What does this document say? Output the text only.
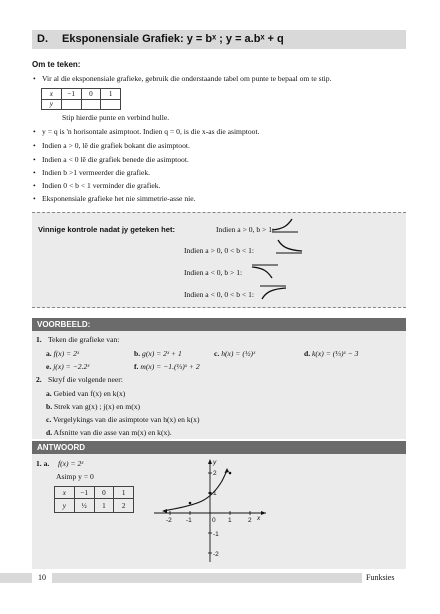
D. Eksponensiale Grafiek: y = bˣ ; y = a.bˣ + q
Om te teken:
• Vir al die eksponensiale grafieke, gebruik die onderstaande tabel om punte te bepaal om te stip.
x	−1	0	1
y			
Stip hierdie punte en verbind hulle.
• y = q is 'n horisontale asimptoot. Indien q = 0, is die x-as die asimptoot.
• Indien a > 0, lê die grafiek bokant die asimptoot.
• Indien a < 0 lê die grafiek benede die asimptoot.
• Indien b >1 vermeerder die grafiek.
• Indien 0 < b < 1 verminder die grafiek.
• Eksponensiale grafieke het nie simmetrie-asse nie.
Vinnige kontrole nadat jy geteken het:	Indien a > 0, b > 1:
Indien a > 0, 0 < b < 1:
Indien a < 0, b > 1:
Indien a < 0, 0 < b < 1:
VOORBEELD:
1. Teken die grafieke van:
a. f(x) = 2ˣ	b. g(x) = 2ˣ + 1	c. h(x) = (½)ˣ	d. k(x) = (⅓)ˣ − 3
e. j(x) = −2.2ˣ	f. m(x) = −1.(⅓)ˣ + 2
2. Skryf die volgende neer:
a. Gebied van f(x) en k(x)
b. Strek van g(x) ; j(x) en m(x)
c. Vergelykings van die asimptote van h(x) en k(x)
d. Afsnitte van die asse van m(x) en k(x).
ANTWOORD
1. a. f(x) = 2ˣ
Asimp y = 0
x	−1	0	1
y	½	1	2
-2 -1	0 1	2
2
1
-1
-2
x
y
10	Funksies
